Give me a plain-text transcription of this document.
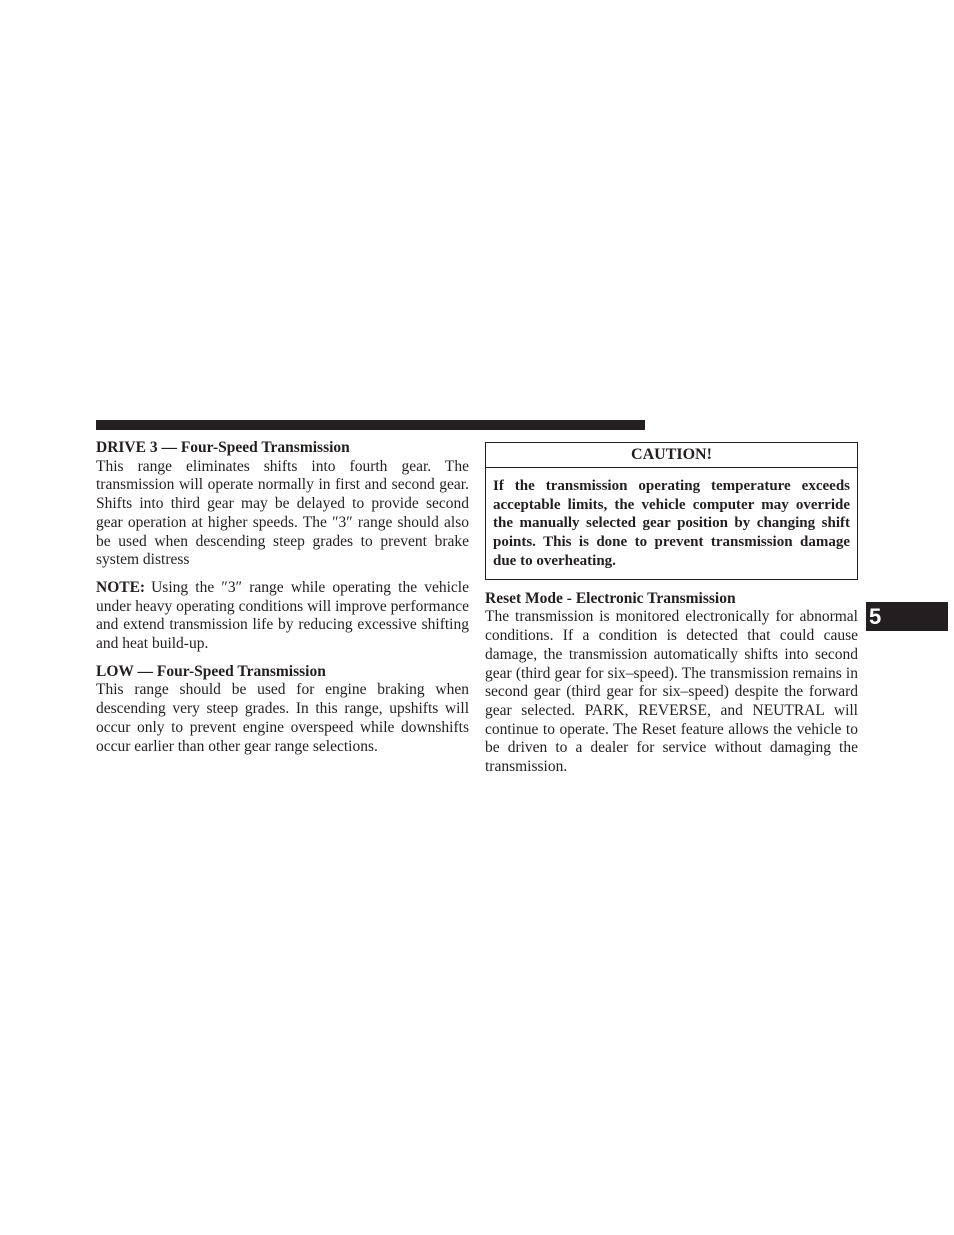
DRIVE 3 — Four-Speed Transmission

This range eliminates shifts into fourth gear. The transmission will operate normally in first and second gear. Shifts into third gear may be delayed to provide second gear operation at higher speeds. The ″3″ range should also be used when descending steep grades to prevent brake system distress

NOTE: Using the ″3″ range while operating the vehicle under heavy operating conditions will improve performance and extend transmission life by reducing excessive shifting and heat build-up.

LOW — Four-Speed Transmission

This range should be used for engine braking when descending very steep grades. In this range, upshifts will occur only to prevent engine overspeed while downshifts occur earlier than other gear range selections.

CAUTION!
If the transmission operating temperature exceeds acceptable limits, the vehicle computer may override the manually selected gear position by changing shift points. This is done to prevent transmission damage due to overheating.
Reset Mode - Electronic Transmission

The transmission is monitored electronically for abnormal conditions. If a condition is detected that could cause damage, the transmission automatically shifts into second gear (third gear for six–speed). The transmission remains in second gear (third gear for six–speed) despite the forward gear selected. PARK, REVERSE, and NEUTRAL will continue to operate. The Reset feature allows the vehicle to be driven to a dealer for service without damaging the transmission.

5
